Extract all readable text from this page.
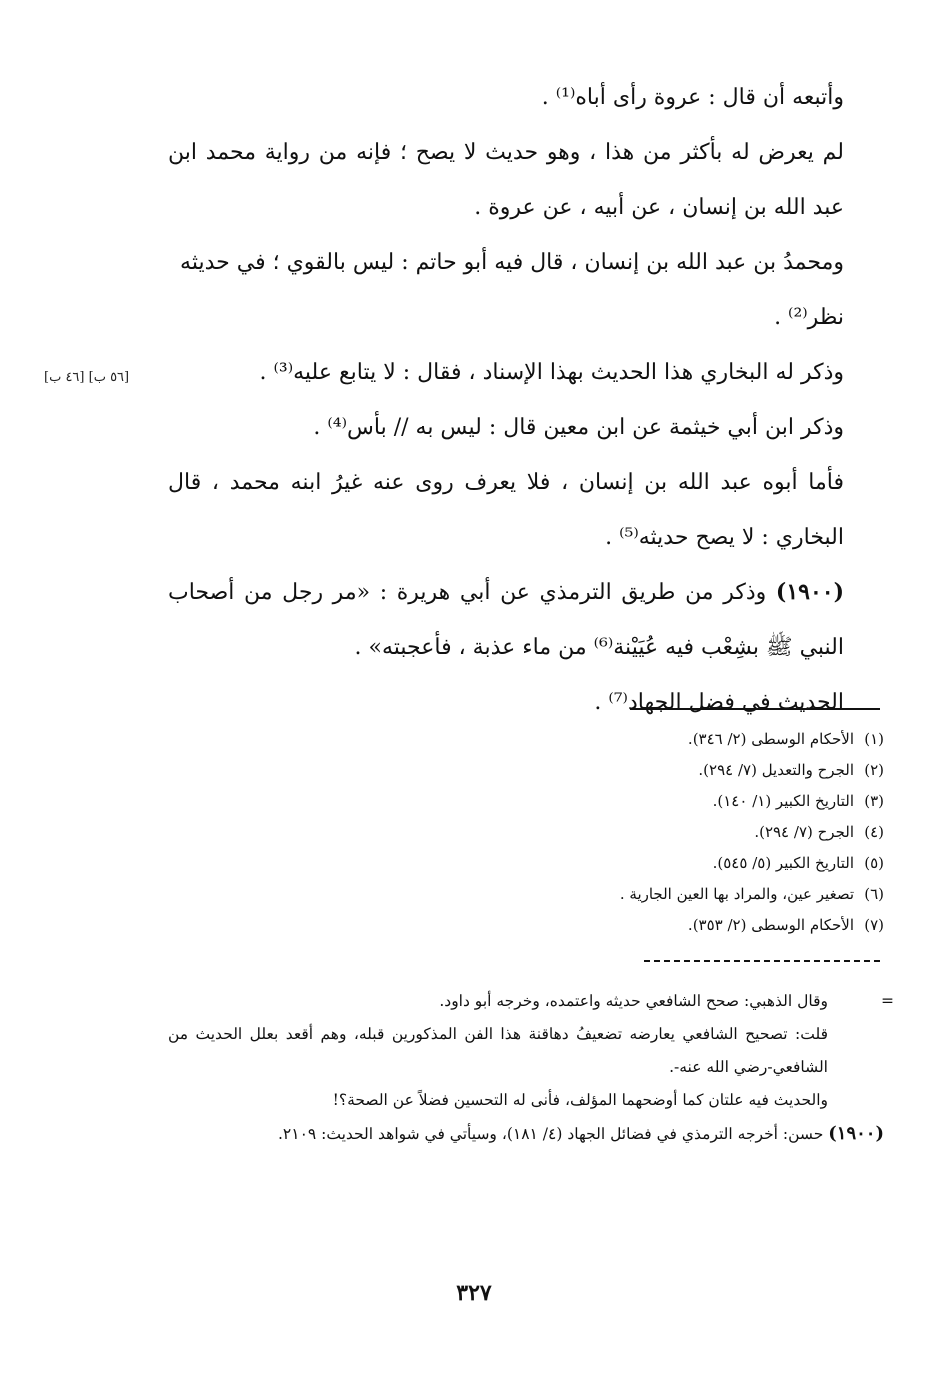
وأتبعه أن قال : عروة رأى أباه⁽¹⁾ .

لم يعرض له بأكثر من هذا ، وهو حديث لا يصح ؛ فإنه من رواية محمد ابن عبد الله بن إنسان ، عن أبيه ، عن عروة .

ومحمدُ بن عبد الله بن إنسان ، قال فيه أبو حاتم : ليس بالقوي ؛ في حديثه نظر⁽²⁾ .

وذكر له البخاري هذا الحديث بهذا الإسناد ، فقال : لا يتابع عليه⁽³⁾ .

وذكر ابن أبي خيثمة عن ابن معين قال : ليس به // بأس⁽⁴⁾ .

فأما أبوه عبد الله بن إنسان ، فلا يعرف روى عنه غيرُ ابنه محمد ، قال البخاري : لا يصح حديثه⁽⁵⁾ .

(١٩٠٠) وذكر من طريق الترمذي عن أبي هريرة : «مر رجل من أصحاب النبي ﷺ بشِعْب فيه عُيَيْنة⁽⁶⁾ من ماء عذبة ، فأعجبته» .

الحديث في فضل الجهاد⁽⁷⁾ .

[٥٦ ب] [٤٦ ب]
(١)الأحكام الوسطى (٢/ ٣٤٦).
(٢)الجرح والتعديل (٧/ ٢٩٤).
(٣)التاريخ الكبير (١/ ١٤٠).
(٤)الجرح (٧/ ٢٩٤).
(٥)التاريخ الكبير (٥/ ٥٤٥).
(٦)تصغير عين، والمراد بها العين الجارية .
(٧)الأحكام الوسطى (٢/ ٣٥٣).
=
وقال الذهبي: صحح الشافعي حديثه واعتمده، وخرجه أبو داود.
قلت: تصحيح الشافعي يعارضه تضعيفُ دهاقنة هذا الفن المذكورين قبله، وهم أقعد بعلل الحديث من الشافعي-رضي الله عنه-.
والحديث فيه علتان كما أوضحهما المؤلف، فأنى له التحسين فضلاً عن الصحة؟!
(١٩٠٠) حسن: أخرجه الترمذي في فضائل الجهاد (٤/ ١٨١)، وسيأتي في شواهد الحديث: ٢١٠٩.
٣٢٧
